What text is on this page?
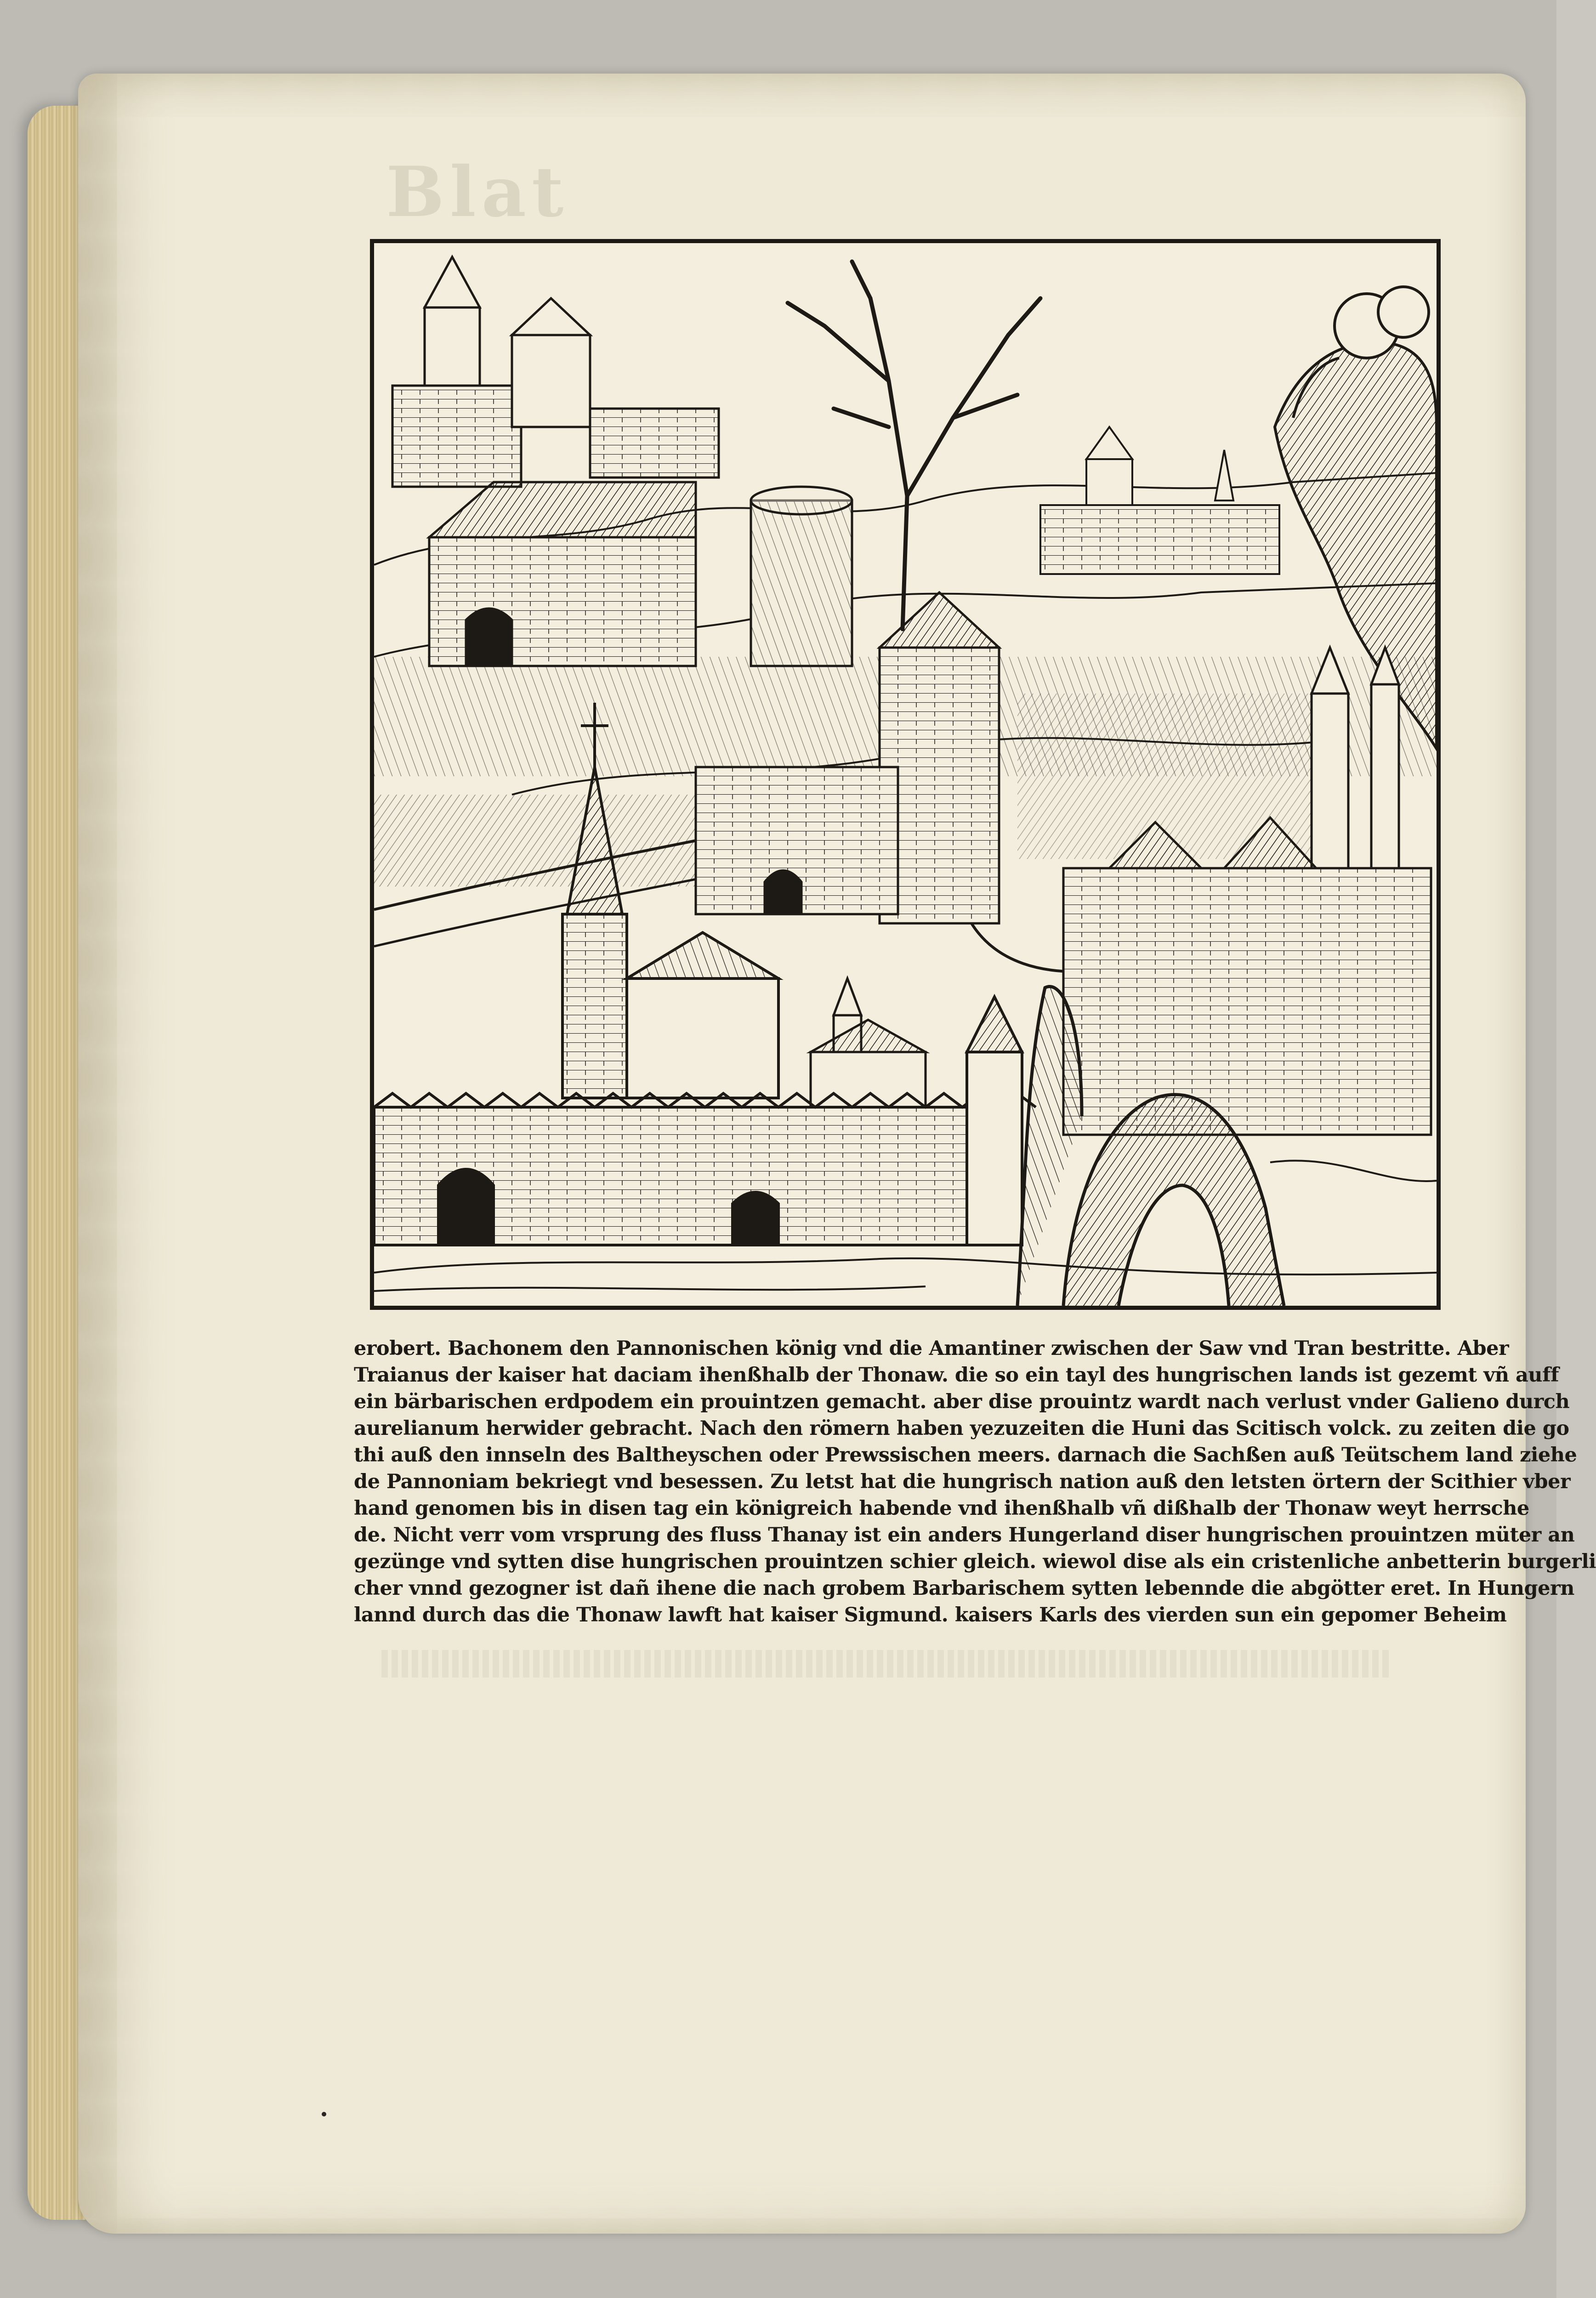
Blat
erobert. Bachonem den Pannonischen könig vnd die Amantiner zwischen der Saw vnd Tran bestritte. Aber
Traianus der kaiser hat daciam ihenßhalb der Thonaw. die so ein tayl des hungrischen lands ist gezemt vñ auff
ein bärbarischen erdpodem ein prouintzen gemacht. aber dise prouintz wardt nach verlust vnder Galieno durch
aurelianum herwider gebracht. Nach den römern haben yezuzeiten die Huni das Scitisch volck. zu zeiten die go
thi auß den innseln des Baltheyschen oder Prewssischen meers. darnach die Sachßen auß Teütschem land ziehe
de Pannoniam bekriegt vnd besessen. Zu letst hat die hungrisch nation auß den letsten örtern der Scithier vber
hand genomen bis in disen tag ein königreich habende vnd ihenßhalb vñ dißhalb der Thonaw weyt herrsche
de. Nicht verr vom vrsprung des fluss Thanay ist ein anders Hungerland diser hungrischen prouintzen müter an
gezüngе vnd sytten dise hungrischen prouintzen schier gleich. wiewol dise als ein cristenliche anbetterin burgerli
cher vnnd gezogner ist dañ ihene die nach grobem Barbarischem sytten lebennde die abgötter eret. In Hungern
lannd durch das die Thonaw lawft hat kaiser Sigmund. kaisers Karls des vierden sun ein gepomer Beheim
